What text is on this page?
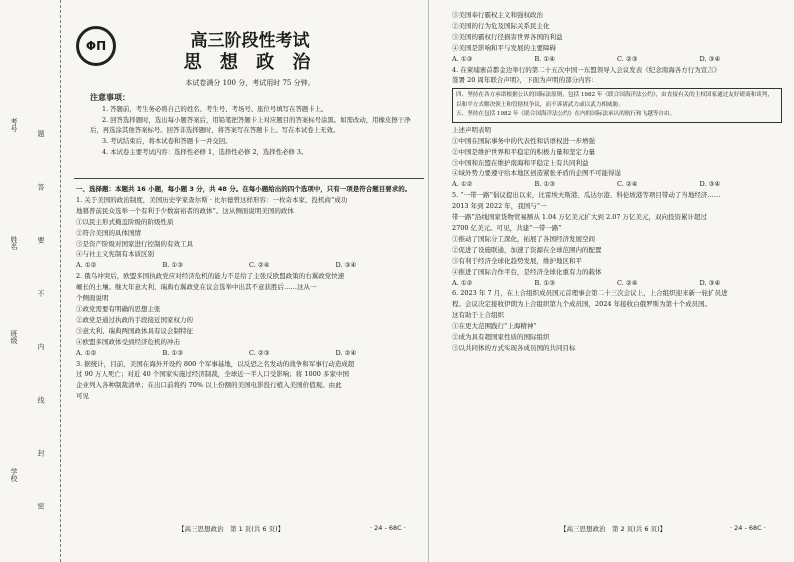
考号
姓名
班级
学校	题 答 要 不 内 线 封 密
ΦΠ	高三阶段性考试
思 想 政 治
本试卷满分 100 分，考试用时 75 分钟。
注意事项：

1. 答题前，考生务必将自己的姓名、考生号、考场号、座位号填写在答题卡上。

2. 回答选择题时，选出每小题答案后，用铅笔把答题卡上对应题目的答案标号涂黑。如需改动，用橡皮擦干净后，再选涂其他答案标号。回答非选择题时，将答案写在答题卡上。写在本试卷上无效。

3. 考试结束后，将本试卷和答题卡一并交回。

4. 本试卷主要考试内容：选择性必修 1，选择性必修 2，选择性必修 3。

一、选择题：本题共 16 小题，每小题 3 分，共 48 分。在每小题给出的四个选项中，只有一项是符合题目要求的。

1. 关于美国的政治制度，美国历史学家查尔斯 · 比尔德曾这样形容：一枚奇本家、投机商“成功

地篡普前民众选举一个有利于少数富裕者的政体”。这从侧面说明美国的政体

①以民主形式掩盖阶级的阶级性质

②符合美国的具体国情

③是资产阶级对国家进行控制的有效工具

④与社主义宪制有本质区别

A. ①②	B. ①③	C. ②④	D. ③④

2. 俄乌冲突后，欧盟多国执政党应对经济危机的能力不足给了主张反欧盟政策的右翼政党快速

崛长的土壤。继大年意大利、瑞典右翼政党在议会选举中出其不意获胜后……这从一

个侧面说明

①政党需要有明确的思想主张

②政党是通过执政的手段接近国家权力的

③意大利、瑞典两国政体具有议会制特征

④欧盟多国政体受到经济危机的冲击

A. ①②	B. ①③	C. ②③	D. ②④

3. 据统计，目前，美国在海外开设约 800 个军事基地，以反恐之名发动的战争和军事行动造成超

过 90 万人死亡；对近 40 个国家实施过经济制裁，全球近一半人口受影响；将 1000 多家中国

企业列入各种制裁清单；在出口前将约 70% 以上份额的美国电影投行植入美国价值观。由此

可见

③美国奉行霸权主义和强权政治

②美国的行为危及国际关系民主化

③美国的霸权行径损害世界各国的利益

④美国是影响和平与发展的主要障碍

A. ①③	B. ①④	C. ②③	D. ③④

4. 在柬埔寨首都金边举行的第二十五次中国一东盟领导人会议发表《纪念南海各方行为宣言》

签署 20 周年联合声明》，下面为声明的部分内容：

四、坚持在各方承诺根据公认的国际法原则，包括 1982 年《联合国海洋法公约》，由直接有关的主权国家通过友好磋商和谈判，以和平方式解决领土和管辖权争议，而不诉诸武力或以武力相威胁。

五、坚持在包括 1982 年《联合国海洋法公约》在内的国际法承认的航行和飞越等自由。

上述声明表明

①中国在国际事务中的代表性和话语权进一步增强

②中国是维护世界和平稳定的积极力量和坚定力量

③中国和东盟在维护南海和平稳定上有共同利益

④域外势力要遵守给本地区创造紧张矛盾的企图不可能得逞

A. ①②	B. ①③	C. ②④	D. ③④

5. “一带一路”倡议提出以来，比雷埃夫斯港、瓜达尔港、科伦坡港等项目带动了当地经济……

2013 年到 2022 年，我国与“一

带一路”沿线国家货物贸易额从 1.04 万亿美元扩大到 2.07 万亿美元，双向投资累计超过

2700 亿美元。可见，共建“一带一路”

①推动了国际分工深化，拓展了各国经济发展空间

②促进了设施联通，加速了资源在全球范围内的配置

③有利于经济全球化趋势发展，维护地区和平

④推进了国际合作平台，是经济全球化重有力的载体

A. ①②	B. ①③	C. ②④	D. ③④

6. 2023 年 7 月，在上合组织成员国元首理事会第二十三次会议上，上合组织迎来新一轮扩员进

程。会议决定接收伊朗为上合组织第九个成员国，2024 年接收白俄罗斯为第十个成员国。

这有助于上合组织

①在更大范围践行“上海精神”

②成为具有超国家性质的国际组织

③以共同体的方式实现各成员国的共同目标

【高三思想政治　第 1 页(共 6 页)】	· 24 - 68C ·	【高三思想政治　第 2 页(共 6 页)】	· 24 - 68C ·
